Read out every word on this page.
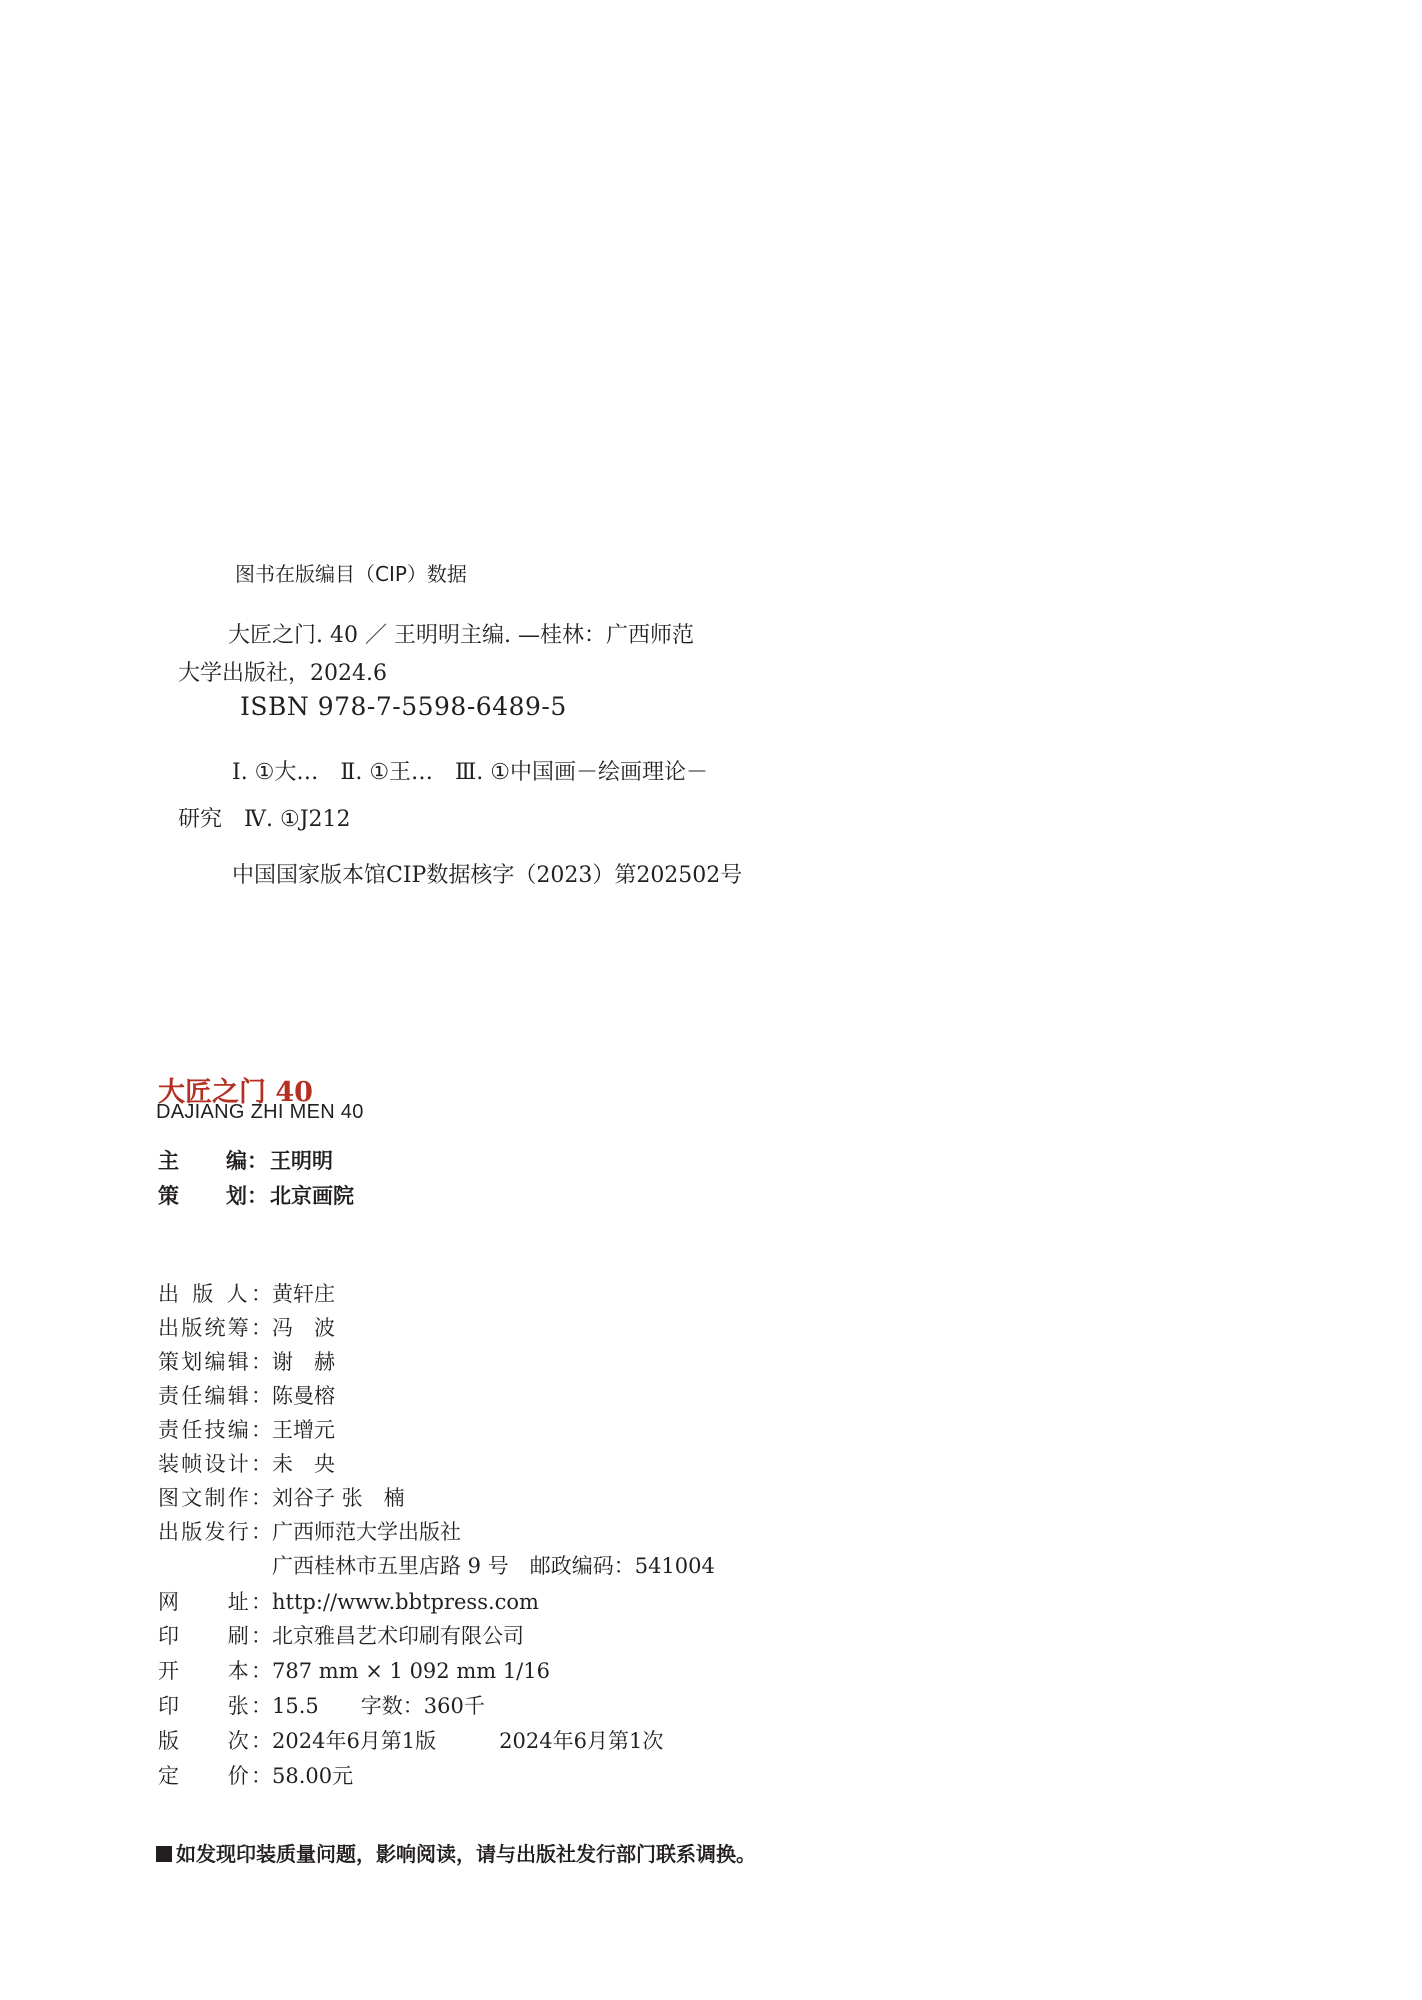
图书在版编目（CIP）数据
大匠之门. 40 ／ 王明明主编. —桂林：广西师范
大学出版社，2024.6
ISBN 978-7-5598-6489-5
Ⅰ. ①大…　Ⅱ. ①王…　Ⅲ. ①中国画－绘画理论－
研究　Ⅳ. ①J212
中国国家版本馆CIP数据核字（2023）第202502号
大匠之门 40
DAJIANG ZHI MEN 40
主 编：王明明
策 划：北京画院
出 版 人：黄轩庄
出版统筹：冯　波
策划编辑：谢　赫
责任编辑：陈曼榕
责任技编：王增元
装帧设计：未　央
图文制作：刘谷子 张　楠
出版发行：广西师范大学出版社
广西桂林市五里店路 9 号　邮政编码：541004
网　　址：http://www.bbtpress.com
印　　刷：北京雅昌艺术印刷有限公司
开　　本：787 mm × 1 092 mm 1/16
印　　张：15.5　　字数：360千
版　　次：2024年6月第1版　　　2024年6月第1次
定　　价：58.00元
如发现印装质量问题，影响阅读，请与出版社发行部门联系调换。
